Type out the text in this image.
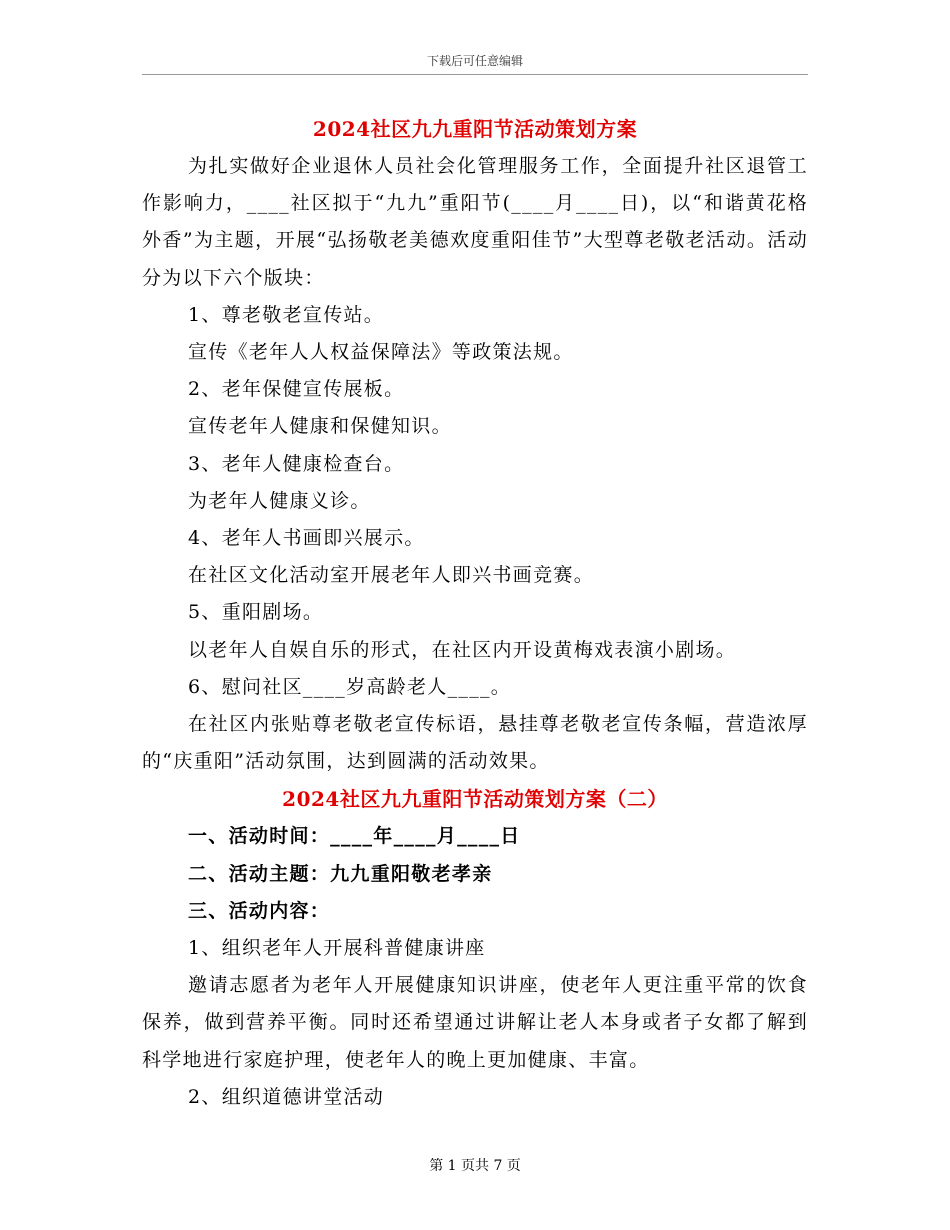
下载后可任意编辑
2024社区九九重阳节活动策划方案

为扎实做好企业退休人员社会化管理服务工作，全面提升社区退管工作影响力，____社区拟于“九九”重阳节(____月____日)，以“和谐黄花格外香”为主题，开展“弘扬敬老美德欢度重阳佳节”大型尊老敬老活动。活动分为以下六个版块：

1、尊老敬老宣传站。

宣传《老年人人权益保障法》等政策法规。

2、老年保健宣传展板。

宣传老年人健康和保健知识。

3、老年人健康检查台。

为老年人健康义诊。

4、老年人书画即兴展示。

在社区文化活动室开展老年人即兴书画竞赛。

5、重阳剧场。

以老年人自娱自乐的形式，在社区内开设黄梅戏表演小剧场。

6、慰问社区____岁高龄老人____。

在社区内张贴尊老敬老宣传标语，悬挂尊老敬老宣传条幅，营造浓厚的“庆重阳”活动氛围，达到圆满的活动效果。

2024社区九九重阳节活动策划方案（二）

一、活动时间：____年____月____日

二、活动主题：九九重阳敬老孝亲

三、活动内容：

1、组织老年人开展科普健康讲座

邀请志愿者为老年人开展健康知识讲座，使老年人更注重平常的饮食保养，做到营养平衡。同时还希望通过讲解让老人本身或者子女都了解到科学地进行家庭护理，使老年人的晚上更加健康、丰富。

2、组织道德讲堂活动

第 1 页共 7 页
